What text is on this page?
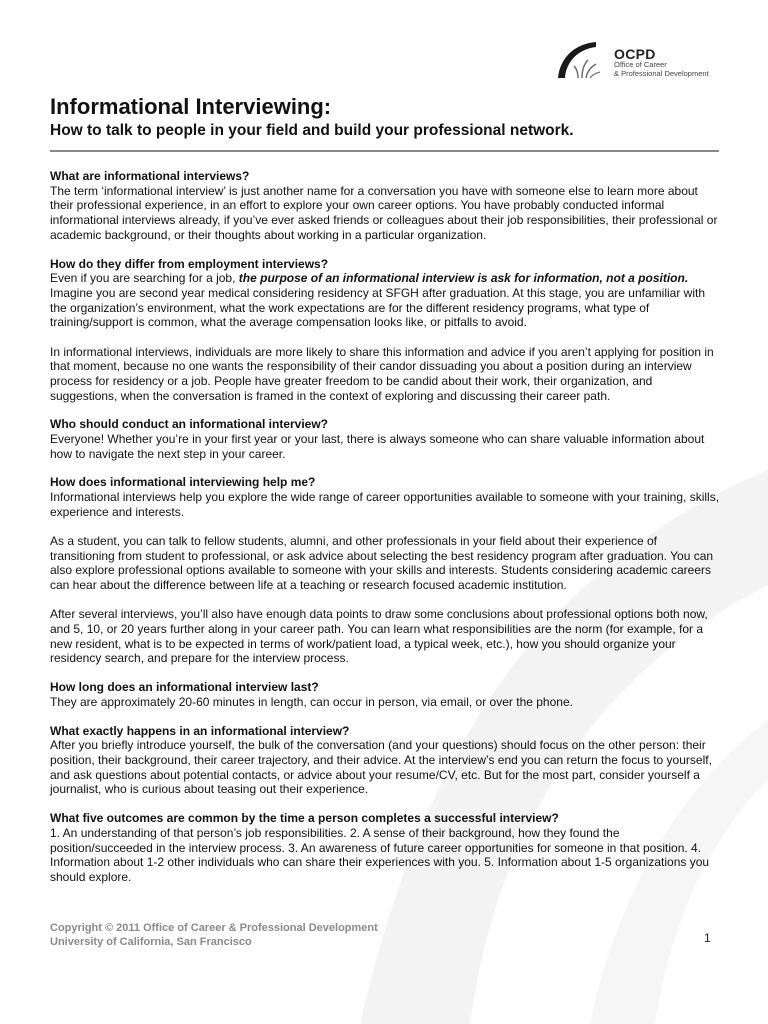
OCPD
Office of Career
& Professional Development
Informational Interviewing:
How to talk to people in your field and build your professional network.
What are informational interviews?

The term ‘informational interview’ is just another name for a conversation you have with someone else to learn more about their professional experience, in an effort to explore your own career options. You have probably conducted informal informational interviews already, if you’ve ever asked friends or colleagues about their job responsibilities, their professional or academic background, or their thoughts about working in a particular organization.

How do they differ from employment interviews?

Even if you are searching for a job, the purpose of an informational interview is ask for information, not a position. Imagine you are second year medical considering residency at SFGH after graduation. At this stage, you are unfamiliar with the organization’s environment, what the work expectations are for the different residency programs, what type of training/support is common, what the average compensation looks like, or pitfalls to avoid.

In informational interviews, individuals are more likely to share this information and advice if you aren’t applying for position in that moment, because no one wants the responsibility of their candor dissuading you about a position during an interview process for residency or a job. People have greater freedom to be candid about their work, their organization, and suggestions, when the conversation is framed in the context of exploring and discussing their career path.

Who should conduct an informational interview?

Everyone! Whether you’re in your first year or your last, there is always someone who can share valuable information about how to navigate the next step in your career.

How does informational interviewing help me?

Informational interviews help you explore the wide range of career opportunities available to someone with your training, skills, experience and interests.

As a student, you can talk to fellow students, alumni, and other professionals in your field about their experience of transitioning from student to professional, or ask advice about selecting the best residency program after graduation. You can also explore professional options available to someone with your skills and interests. Students considering academic careers can hear about the difference between life at a teaching or research focused academic institution.

After several interviews, you’ll also have enough data points to draw some conclusions about professional options both now, and 5, 10, or 20 years further along in your career path. You can learn what responsibilities are the norm (for example, for a new resident, what is to be expected in terms of work/patient load, a typical week, etc.), how you should organize your residency search, and prepare for the interview process.

How long does an informational interview last?

They are approximately 20-60 minutes in length, can occur in person, via email, or over the phone.

What exactly happens in an informational interview?

After you briefly introduce yourself, the bulk of the conversation (and your questions) should focus on the other person: their position, their background, their career trajectory, and their advice. At the interview’s end you can return the focus to yourself, and ask questions about potential contacts, or advice about your resume/CV, etc. But for the most part, consider yourself a journalist, who is curious about teasing out their experience.

What five outcomes are common by the time a person completes a successful interview?

1. An understanding of that person’s job responsibilities. 2. A sense of their background, how they found the position/succeeded in the interview process. 3. An awareness of future career opportunities for someone in that position. 4. Information about 1-2 other individuals who can share their experiences with you. 5. Information about 1-5 organizations you should explore.

Copyright © 2011 Office of Career & Professional Development
University of California, San Francisco	1
